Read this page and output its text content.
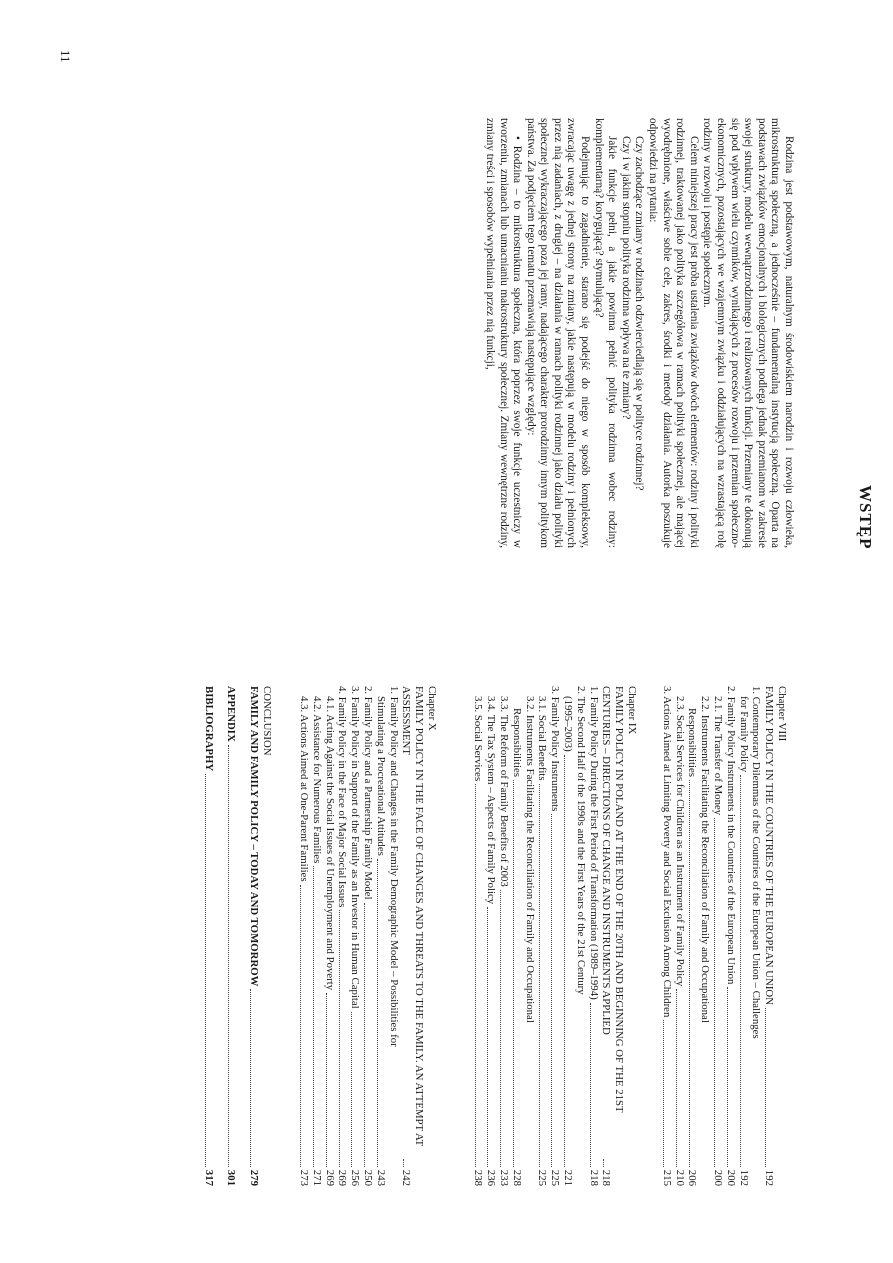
11
WSTĘP

Rodzina jest podstawowym, naturalnym środowiskiem narodzin i rozwoju człowieka, mikrostrukturą społeczną, a jednocześnie – fundamentalną instytucją społeczną. Oparta na podstawach związków emocjonalnych i biologicznych podlega jednak przemianom w zakresie swojej struktury, modelu wewnątrzrodzinnego i realizowanych funkcji. Przemiany te dokonują się pod wpływem wielu czynników, wynikających z procesów rozwoju i przemian społeczno-ekonomicznych, pozostających we wzajemnym związku i oddziałujących na wzrastającą rolę rodziny w rozwoju i postępie społecznym.

Celem niniejszej pracy jest próba ustalenia związków dwóch elementów: rodziny i polityki rodzinnej, traktowanej jako polityka szczegółowa w ramach polityki społecznej, ale mającej wyodrębnione, właściwe sobie cele, zakres, środki i metody działania. Autorka poszukuje odpowiedzi na pytania:

Czy zachodzące zmiany w rodzinach odzwierciedlają się w polityce rodzinnej?

Czy i w jakim stopniu polityka rodzinna wpływa na te zmiany?

Jakie funkcje pełni, a jakie powinna pełnić polityka rodzinna wobec rodziny: komplementarną? korygującą? stymulującą?

Podejmując to zagadnienie, starano się podejść do niego w sposób kompleksowy, zwracając uwagę z jednej strony na zmiany, jakie następują w modelu rodziny i pełnionych przez nią zadaniach, z drugiej – na działania w ramach polityki rodzinnej jako działu polityki społecznej wykraczającego poza jej ramy, nadającego charakter prorodzinny innym politykom państwa. Za podjęciem tego tematu przemawiają następujące względy:

• Rodzina – to mikrostruktura społeczna, która poprzez swoje funkcje uczestniczy w tworzeniu, zmianach lub umacnianiu makrostruktury społecznej. Zmiany wewnętrzne rodziny, zmiany treści i sposobów wypełniania przez nią funkcji,

Chapter VIII
FAMILY POLICY IN THE COUNTRIES OF THE EUROPEAN UNION
192
1. Contemporary Dilemmas of the Countries of the European Union – Challenges
for Family Policy
192
2. Family Policy Instruments in the Countries of the European Union
200
2.1. The Transfer of Money
200
2.2. Instruments Facilitating the Reconciliation of Family and Occupational
Responsibilities
206
2.3. Social Services for Children as an Instrument of Family Policy
210
3. Actions Aimed at Limiting Poverty and Social Exclusion Among Children
215
Chapter IX
FAMILY POLICY IN POLAND AT THE END OF THE 20TH AND BEGINNING OF THE 21ST CENTURIES – DIRECTIONS OF CHANGE AND INSTRUMENTS APPLIED
218
1. Family Policy During the First Period of Transformation (1989–1994)
218
2. The Second Half of the 1990s and the First Years of the 21st Century
(1995–2003)
221
3. Family Policy Instruments
225
3.1. Social Benefits
225
3.2. Instruments Facilitating the Reconciliation of Family and Occupational
Responsibilities
228
3.3. The Reform of Family Benefits of 2003
233
3.4. The Tax System – Aspects of Family Policy
236
3.5. Social Services
238
Chapter X
FAMILY POLICY IN THE FACE OF CHANGES AND THREATS TO THE FAMILY. AN ATTEMPT AT ASSESSMENT
242
1. Family Policy and Changes in the Family Demographic Model – Possibilities for
Stimulating a Procreational Attitudes
243
2. Family Policy and a Partnership Family Model
250
3. Family Policy in Support of the Family as an Investor in Human Capital
256
4. Family Policy in the Face of Major Social Issues
269
4.1. Acting Against the Social Issues of Unemployment and Poverty
269
4.2. Assistance for Numerous Families
271
4.3. Actions Aimed at One-Parent Families
273
CONCLUSION
FAMILY AND FAMILY POLICY – TODAY AND TOMORROW
279
APPENDIX
301
BIBLIOGRAPHY
317
